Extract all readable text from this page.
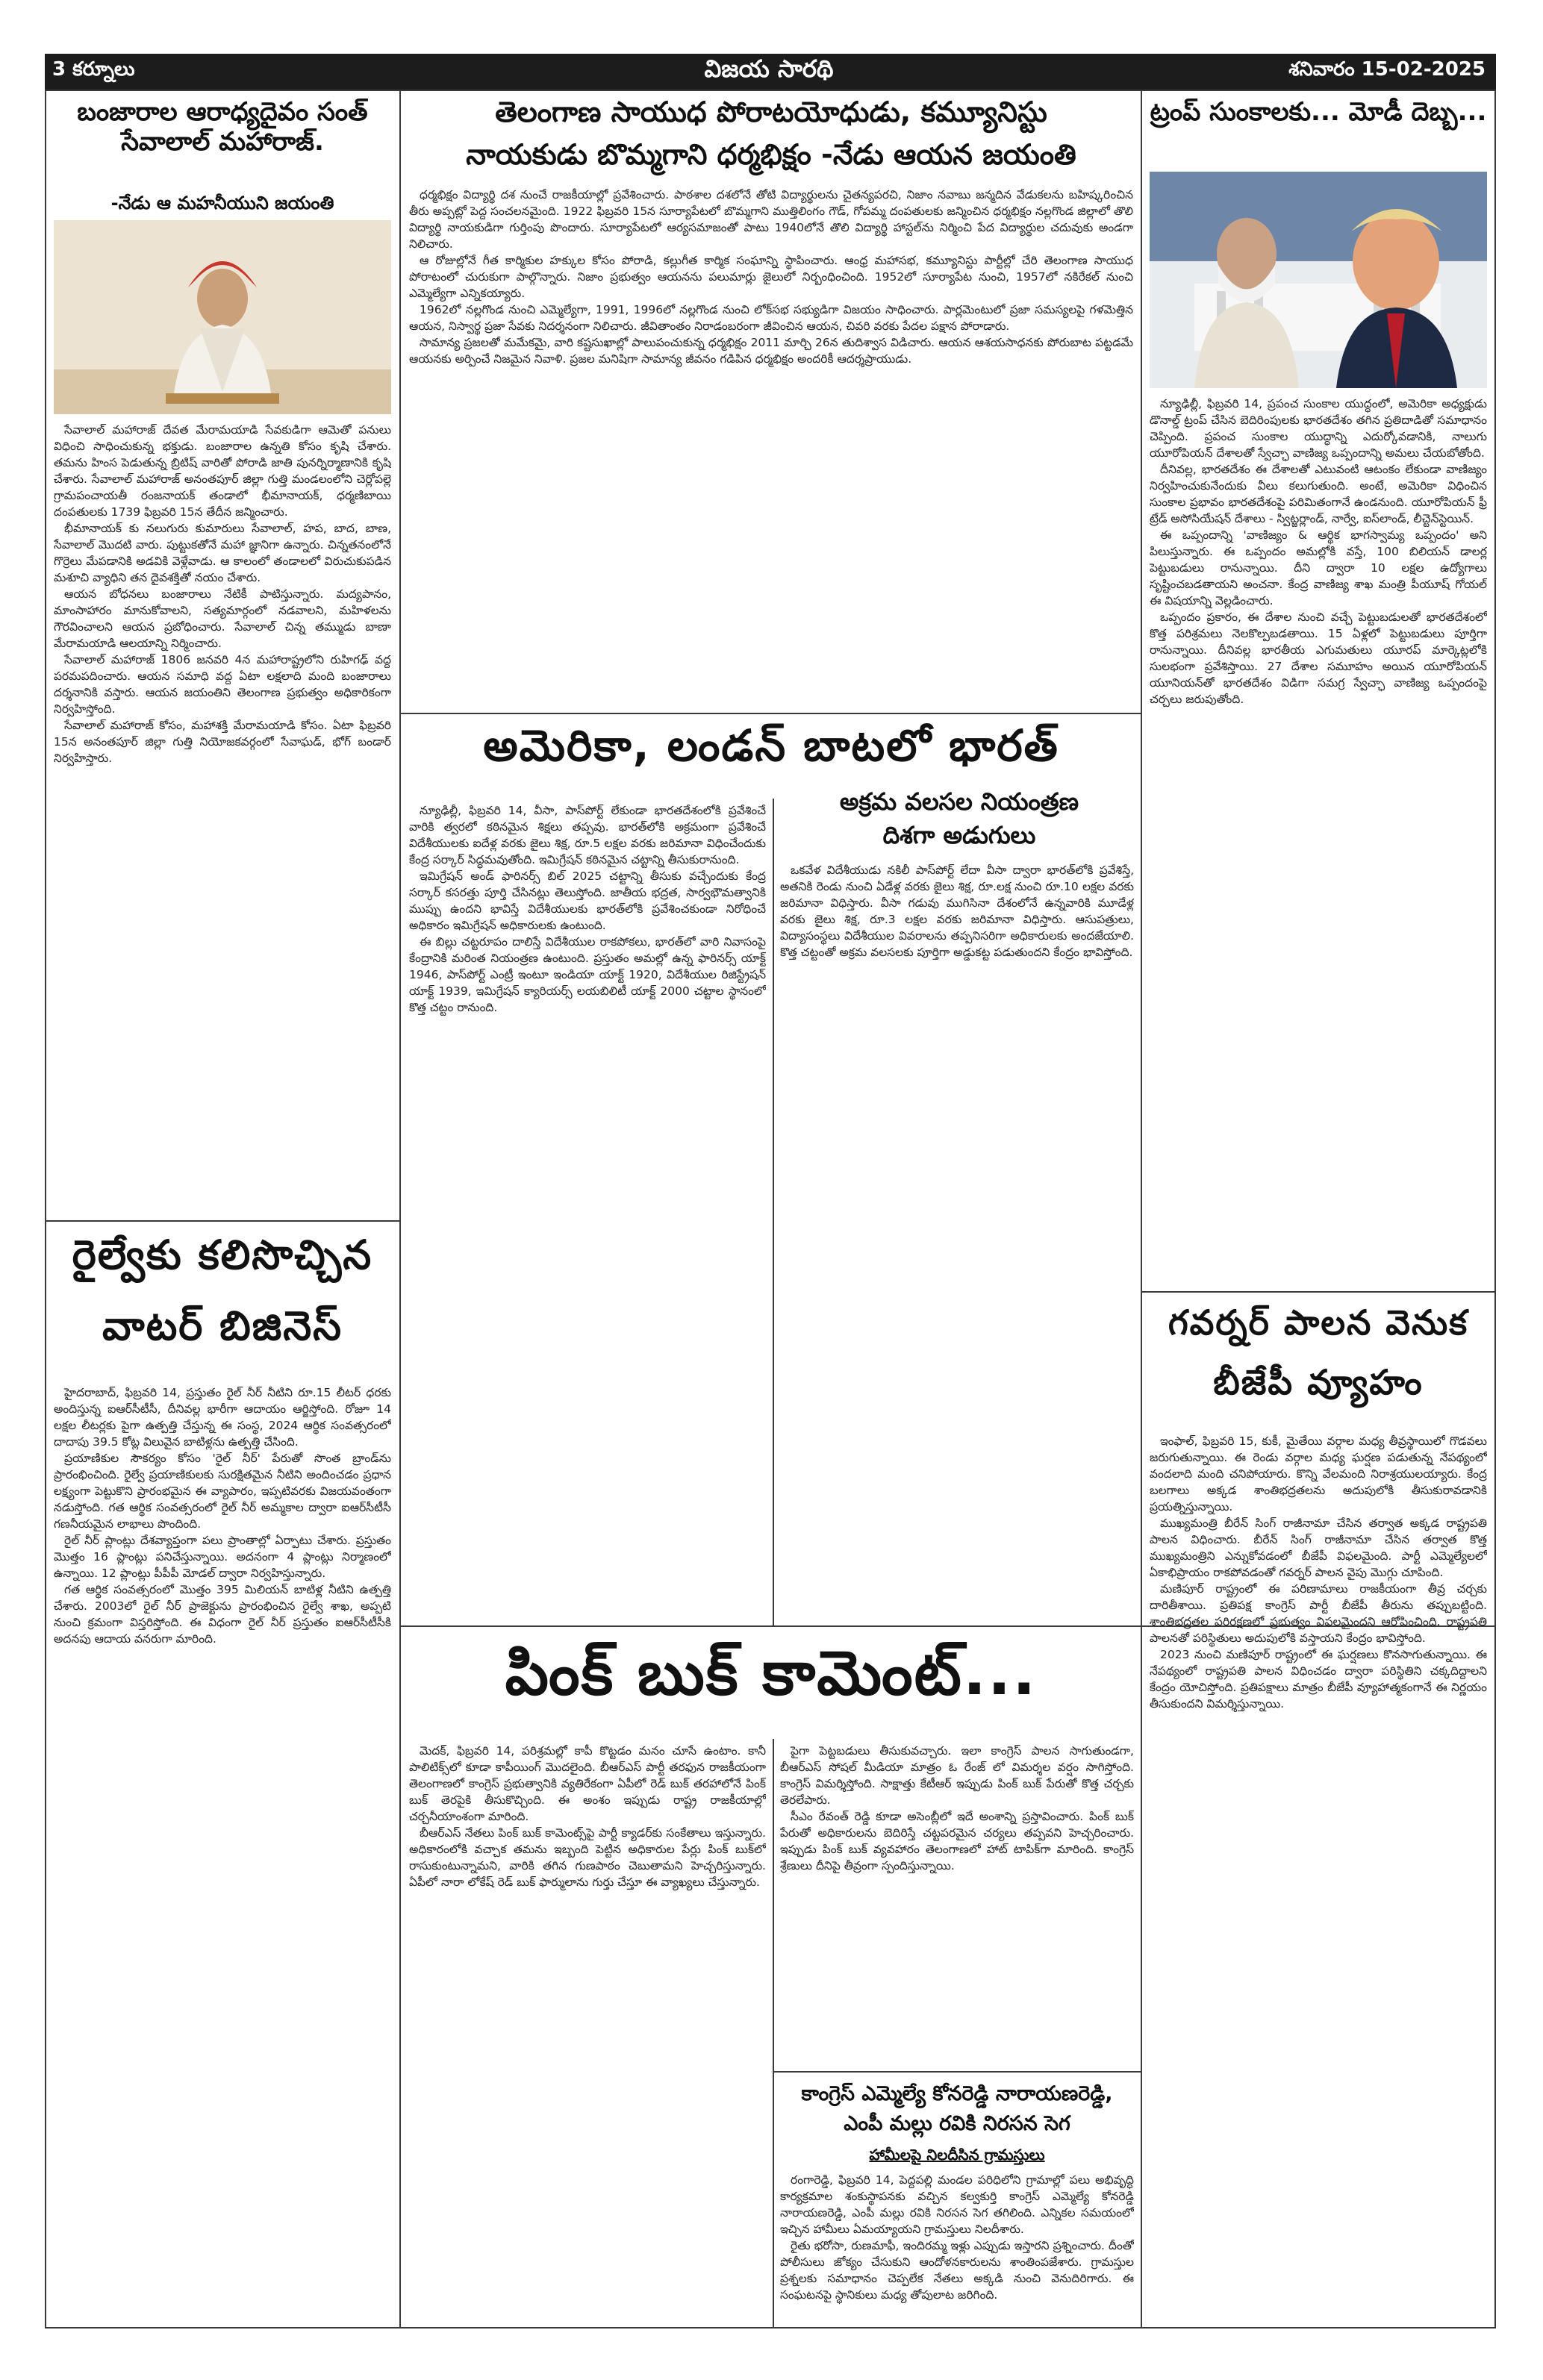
3 కర్నూలు	విజయ సారథి	శనివారం 15-02-2025
బంజారాల ఆరాధ్యదైవం సంత్ సేవాలాల్ మహారాజ్.
-నేడు ఆ మహనీయుని జయంతి

సేవాలాల్ మహారాజ్ దేవత మేరామయాడి సేవకుడిగా ఆమెతో పనులు విధించి సాధించుకున్న భక్తుడు. బంజారాల ఉన్నతి కోసం కృషి చేశారు. తమను హింస పెడుతున్న బ్రిటిష్ వారితో పోరాడి జాతి పునర్నిర్మాణానికి కృషి చేశారు. సేవాలాల్ మహారాజ్ అనంతపూర్ జిల్లా గుత్తి మండలంలోని చెర్లోపల్లె గ్రామపంచాయతీ రంజనాయక్ తండాలో భీమానాయక్, ధర్మణిబాయి దంపతులకు 1739 ఫిబ్రవరి 15న తేదీన జన్మించారు.

భీమానాయక్ కు నలుగురు కుమారులు సేవాలాల్, హప, బాద, బాణ, సేవాలాల్ మొదటి వారు. పుట్టుకతోనే మహా జ్ఞానిగా ఉన్నారు. చిన్నతనంలోనే గొర్రెలు మేపడానికి అడవికి వెళ్లేవాడు. ఆ కాలంలో తండాలలో విరుచుకుపడిన మశూచి వ్యాధిని తన దైవశక్తితో నయం చేశారు.

ఆయన బోధనలు బంజారాలు నేటికీ పాటిస్తున్నారు. మద్యపానం, మాంసాహారం మానుకోవాలని, సత్యమార్గంలో నడవాలని, మహిళలను గౌరవించాలని ఆయన ప్రబోధించారు. సేవాలాల్ చిన్న తమ్ముడు బాణా మేరామయాడి ఆలయాన్ని నిర్మించారు.

సేవాలాల్ మహారాజ్ 1806 జనవరి 4న మహారాష్ట్రలోని రుహిగఢ్ వద్ద పరమపదించారు. ఆయన సమాధి వద్ద ఏటా లక్షలాది మంది బంజారాలు దర్శనానికి వస్తారు. ఆయన జయంతిని తెలంగాణ ప్రభుత్వం అధికారికంగా నిర్వహిస్తోంది.

సేవాలాల్ మహారాజ్ కోసం, మహాశక్తి మేరామయాడి కోసం. ఏటా ఫిబ్రవరి 15న అనంతపూర్ జిల్లా గుత్తి నియోజకవర్గంలో సేవాఘడ్, భోగ్ బండార్ నిర్వహిస్తారు.

రైల్వేకు కలిసొచ్చిన
వాటర్ బిజినెస్

హైదరాబాద్, ఫిబ్రవరి 14, ప్రస్తుతం రైల్ నీర్ నీటిని రూ.15 లీటర్ ధరకు అందిస్తున్న ఐఆర్‌సీటీసీ, దీనివల్ల భారీగా ఆదాయం ఆర్జిస్తోంది. రోజూ 14 లక్షల లీటర్లకు పైగా ఉత్పత్తి చేస్తున్న ఈ సంస్థ, 2024 ఆర్థిక సంవత్సరంలో దాదాపు 39.5 కోట్ల విలువైన బాటిళ్లను ఉత్పత్తి చేసింది.

ప్రయాణికుల సౌకర్యం కోసం 'రైల్ నీర్' పేరుతో సొంత బ్రాండ్‌ను ప్రారంభించింది. రైల్వే ప్రయాణికులకు సురక్షితమైన నీటిని అందించడం ప్రధాన లక్ష్యంగా పెట్టుకొని ప్రారంభమైన ఈ వ్యాపారం, ఇప్పటివరకు విజయవంతంగా నడుస్తోంది. గత ఆర్థిక సంవత్సరంలో రైల్ నీర్ అమ్మకాల ద్వారా ఐఆర్‌సీటీసీ గణనీయమైన లాభాలు పొందింది.

రైల్ నీర్ ప్లాంట్లు దేశవ్యాప్తంగా పలు ప్రాంతాల్లో ఏర్పాటు చేశారు. ప్రస్తుతం మొత్తం 16 ప్లాంట్లు పనిచేస్తున్నాయి. అదనంగా 4 ప్లాంట్లు నిర్మాణంలో ఉన్నాయి. 12 ప్లాంట్లు పీపీపీ మోడల్ ద్వారా నిర్వహిస్తున్నారు.

గత ఆర్థిక సంవత్సరంలో మొత్తం 395 మిలియన్ బాటిళ్ల నీటిని ఉత్పత్తి చేశారు. 2003లో రైల్ నీర్ ప్రాజెక్టును ప్రారంభించిన రైల్వే శాఖ, అప్పటి నుంచి క్రమంగా విస్తరిస్తోంది. ఈ విధంగా రైల్ నీర్ ప్రస్తుతం ఐఆర్‌సీటీసీకి అదనపు ఆదాయ వనరుగా మారింది.

తెలంగాణ సాయుధ పోరాటయోధుడు, కమ్యూనిస్టు
నాయకుడు బొమ్మగాని ధర్మభిక్షం -నేడు ఆయన జయంతి

ధర్మభిక్షం విద్యార్థి దశ నుంచే రాజకీయాల్లో ప్రవేశించారు. పాఠశాల దశలోనే తోటి విద్యార్థులను చైతన్యపరచి, నిజాం నవాబు జన్మదిన వేడుకలను బహిష్కరించిన తీరు అప్పట్లో పెద్ద సంచలనమైంది. 1922 ఫిబ్రవరి 15న సూర్యాపేటలో బొమ్మగాని ముత్తిలింగం గౌడ్, గోపమ్మ దంపతులకు జన్మించిన ధర్మభిక్షం నల్లగొండ జిల్లాలో తొలి విద్యార్థి నాయకుడిగా గుర్తింపు పొందారు. సూర్యాపేటలో ఆర్యసమాజంతో పాటు 1940లోనే తొలి విద్యార్థి హాస్టల్‌ను నిర్మించి పేద విద్యార్థుల చదువుకు అండగా నిలిచారు.

ఆ రోజుల్లోనే గీత కార్మికుల హక్కుల కోసం పోరాడి, కల్లుగీత కార్మిక సంఘాన్ని స్థాపించారు. ఆంధ్ర మహాసభ, కమ్యూనిస్టు పార్టీల్లో చేరి తెలంగాణ సాయుధ పోరాటంలో చురుకుగా పాల్గొన్నారు. నిజాం ప్రభుత్వం ఆయనను పలుమార్లు జైలులో నిర్బంధించింది. 1952లో సూర్యాపేట నుంచి, 1957లో నకిరేకల్ నుంచి ఎమ్మెల్యేగా ఎన్నికయ్యారు.

1962లో నల్లగొండ నుంచి ఎమ్మెల్యేగా, 1991, 1996లో నల్లగొండ నుంచి లోక్‌సభ సభ్యుడిగా విజయం సాధించారు. పార్లమెంటులో ప్రజా సమస్యలపై గళమెత్తిన ఆయన, నిస్వార్థ ప్రజా సేవకు నిదర్శనంగా నిలిచారు. జీవితాంతం నిరాడంబరంగా జీవించిన ఆయన, చివరి వరకు పేదల పక్షాన పోరాడారు.

సామాన్య ప్రజలతో మమేకమై, వారి కష్టసుఖాల్లో పాలుపంచుకున్న ధర్మభిక్షం 2011 మార్చి 26న తుదిశ్వాస విడిచారు. ఆయన ఆశయసాధనకు పోరుబాట పట్టడమే ఆయనకు అర్పించే నిజమైన నివాళి. ప్రజల మనిషిగా సామాన్య జీవనం గడిపిన ధర్మభిక్షం అందరికీ ఆదర్శప్రాయుడు.

ట్రంప్ సుంకాలకు... మోడీ దెబ్బ...

న్యూఢిల్లీ, ఫిబ్రవరి 14, ప్రపంచ సుంకాల యుద్ధంలో, అమెరికా అధ్యక్షుడు డొనాల్డ్ ట్రంప్ చేసిన బెదిరింపులకు భారతదేశం తగిన ప్రతిదాడితో సమాధానం చెప్పింది. ప్రపంచ సుంకాల యుద్ధాన్ని ఎదుర్కోవడానికి, నాలుగు యూరోపియన్ దేశాలతో స్వేచ్ఛా వాణిజ్య ఒప్పందాన్ని అమలు చేయబోతోంది.

దీనివల్ల, భారతదేశం ఈ దేశాలతో ఎటువంటి ఆటంకం లేకుండా వాణిజ్యం నిర్వహించుకునేందుకు వీలు కలుగుతుంది. అంటే, అమెరికా విధించిన సుంకాల ప్రభావం భారతదేశంపై పరిమితంగానే ఉండనుంది. యూరోపియన్ ఫ్రీ ట్రేడ్ అసోసియేషన్ దేశాలు - స్విట్జర్లాండ్, నార్వే, ఐస్‌లాండ్, లీచ్టెన్‌స్టెయిన్.

ఈ ఒప్పందాన్ని 'వాణిజ్యం & ఆర్థిక భాగస్వామ్య ఒప్పందం' అని పిలుస్తున్నారు. ఈ ఒప్పందం అమల్లోకి వస్తే, 100 బిలియన్ డాలర్ల పెట్టుబడులు రానున్నాయి. దీని ద్వారా 10 లక్షల ఉద్యోగాలు సృష్టించబడతాయని అంచనా. కేంద్ర వాణిజ్య శాఖ మంత్రి పీయూష్ గోయల్ ఈ విషయాన్ని వెల్లడించారు.

ఒప్పందం ప్రకారం, ఈ దేశాల నుంచి వచ్చే పెట్టుబడులతో భారతదేశంలో కొత్త పరిశ్రమలు నెలకొల్పబడతాయి. 15 ఏళ్లలో పెట్టుబడులు పూర్తిగా రానున్నాయి. దీనివల్ల భారతీయ ఎగుమతులు యూరప్ మార్కెట్లలోకి సులభంగా ప్రవేశిస్తాయి. 27 దేశాల సమూహం అయిన యూరోపియన్ యూనియన్‌తో భారతదేశం విడిగా సమగ్ర స్వేచ్ఛా వాణిజ్య ఒప్పందంపై చర్చలు జరుపుతోంది.

అమెరికా, లండన్ బాటలో భారత్
అక్రమ వలసల నియంత్రణ
దిశగా అడుగులు

న్యూఢిల్లీ, ఫిబ్రవరి 14, వీసా, పాస్‌పోర్ట్ లేకుండా భారతదేశంలోకి ప్రవేశించే వారికి త్వరలో కఠినమైన శిక్షలు తప్పవు. భారత్‌లోకి అక్రమంగా ప్రవేశించే విదేశీయులకు ఐదేళ్ల వరకు జైలు శిక్ష, రూ.5 లక్షల వరకు జరిమానా విధించేందుకు కేంద్ర సర్కార్ సిద్ధమవుతోంది. ఇమిగ్రేషన్ కఠినమైన చట్టాన్ని తీసుకురానుంది.

ఇమిగ్రేషన్ అండ్ ఫారినర్స్ బిల్ 2025 చట్టాన్ని తీసుకు వచ్చేందుకు కేంద్ర సర్కార్ కసరత్తు పూర్తి చేసినట్లు తెలుస్తోంది. జాతీయ భద్రత, సార్వభౌమత్వానికి ముప్పు ఉందని భావిస్తే విదేశీయులకు భారత్‌లోకి ప్రవేశించకుండా నిరోధించే అధికారం ఇమిగ్రేషన్ అధికారులకు ఉంటుంది.

ఈ బిల్లు చట్టరూపం దాలిస్తే విదేశీయుల రాకపోకలు, భారత్‌లో వారి నివాసంపై కేంద్రానికి మరింత నియంత్రణ ఉంటుంది. ప్రస్తుతం అమల్లో ఉన్న ఫారినర్స్ యాక్ట్ 1946, పాస్‌పోర్ట్ ఎంట్రీ ఇంటూ ఇండియా యాక్ట్ 1920, విదేశీయుల రిజిస్ట్రేషన్ యాక్ట్ 1939, ఇమిగ్రేషన్ క్యారియర్స్ లయబిలిటీ యాక్ట్ 2000 చట్టాల స్థానంలో కొత్త చట్టం రానుంది.

ఒకవేళ విదేశీయుడు నకిలీ పాస్‌పోర్ట్ లేదా వీసా ద్వారా భారత్‌లోకి ప్రవేశిస్తే, అతనికి రెండు నుంచి ఏడేళ్ల వరకు జైలు శిక్ష, రూ.లక్ష నుంచి రూ.10 లక్షల వరకు జరిమానా విధిస్తారు. వీసా గడువు ముగిసినా దేశంలోనే ఉన్నవారికి మూడేళ్ల వరకు జైలు శిక్ష, రూ.3 లక్షల వరకు జరిమానా విధిస్తారు. ఆసుపత్రులు, విద్యాసంస్థలు విదేశీయుల వివరాలను తప్పనిసరిగా అధికారులకు అందజేయాలి. కొత్త చట్టంతో అక్రమ వలసలకు పూర్తిగా అడ్డుకట్ట పడుతుందని కేంద్రం భావిస్తోంది.

గవర్నర్ పాలన వెనుక
బీజేపీ వ్యూహం

ఇంఫాల్, ఫిబ్రవరి 15, కుకీ, మైతేయి వర్గాల మధ్య తీవ్రస్థాయిలో గొడవలు జరుగుతున్నాయి. ఈ రెండు వర్గాల మధ్య ఘర్షణ పడుతున్న నేపథ్యంలో వందలాది మంది చనిపోయారు. కొన్ని వేలమంది నిరాశ్రయులయ్యారు. కేంద్ర బలగాలు అక్కడ శాంతిభద్రతలను అదుపులోకి తీసుకురావడానికి ప్రయత్నిస్తున్నాయి.

ముఖ్యమంత్రి బీరేన్ సింగ్ రాజీనామా చేసిన తర్వాత అక్కడ రాష్ట్రపతి పాలన విధించారు. బీరేన్ సింగ్ రాజీనామా చేసిన తర్వాత కొత్త ముఖ్యమంత్రిని ఎన్నుకోవడంలో బీజేపీ విఫలమైంది. పార్టీ ఎమ్మెల్యేలలో ఏకాభిప్రాయం రాకపోవడంతో గవర్నర్ పాలన వైపు మొగ్గు చూపింది.

మణిపూర్ రాష్ట్రంలో ఈ పరిణామాలు రాజకీయంగా తీవ్ర చర్చకు దారితీశాయి. ప్రతిపక్ష కాంగ్రెస్ పార్టీ బీజేపీ తీరును తప్పుబట్టింది. శాంతిభద్రతల పరిరక్షణలో ప్రభుత్వం విఫలమైందని ఆరోపించింది. రాష్ట్రపతి పాలనతో పరిస్థితులు అదుపులోకి వస్తాయని కేంద్రం భావిస్తోంది.

2023 నుంచి మణిపూర్ రాష్ట్రంలో ఈ ఘర్షణలు కొనసాగుతున్నాయి. ఈ నేపథ్యంలో రాష్ట్రపతి పాలన విధించడం ద్వారా పరిస్థితిని చక్కదిద్దాలని కేంద్రం యోచిస్తోంది. ప్రతిపక్షాలు మాత్రం బీజేపీ వ్యూహాత్మకంగానే ఈ నిర్ణయం తీసుకుందని విమర్శిస్తున్నాయి.

పింక్ బుక్ కామెంట్...

మెదక్, ఫిబ్రవరి 14, పరిశ్రమల్లో కాపీ కొట్టడం మనం చూసే ఉంటాం. కానీ పాలిటిక్స్‌లో కూడా కాపీయింగ్ మొదలైంది. బీఆర్ఎస్ పార్టీ తరఫున రాజకీయంగా తెలంగాణలో కాంగ్రెస్ ప్రభుత్వానికి వ్యతిరేకంగా ఏపీలో రెడ్ బుక్ తరహాలోనే పింక్ బుక్ తెరపైకి తీసుకొచ్చింది. ఈ అంశం ఇప్పుడు రాష్ట్ర రాజకీయాల్లో చర్చనీయాంశంగా మారింది.

బీఆర్ఎస్ నేతలు పింక్ బుక్ కామెంట్స్‌పై పార్టీ క్యాడర్‌కు సంకేతాలు ఇస్తున్నారు. అధికారంలోకి వచ్చాక తమను ఇబ్బంది పెట్టిన అధికారుల పేర్లు పింక్ బుక్‌లో రాసుకుంటున్నామని, వారికి తగిన గుణపాఠం చెబుతామని హెచ్చరిస్తున్నారు. ఏపీలో నారా లోకేష్ రెడ్ బుక్ ఫార్ములాను గుర్తు చేస్తూ ఈ వ్యాఖ్యలు చేస్తున్నారు.

పైగా పెట్టబడులు తీసుకువచ్చారు. ఇలా కాంగ్రెస్ పాలన సాగుతుండగా, బీఆర్ఎస్ సోషల్ మీడియా మాత్రం ఓ రేంజ్ లో విమర్శల వర్షం సాగిస్తోంది. కాంగ్రెస్ విమర్శిస్తోంది. సాక్షాత్తు కేటీఆర్ ఇప్పుడు పింక్ బుక్ పేరుతో కొత్త చర్చకు తెరలేపారు.

సీఎం రేవంత్ రెడ్డి కూడా అసెంబ్లీలో ఇదే అంశాన్ని ప్రస్తావించారు. పింక్ బుక్ పేరుతో అధికారులను బెదిరిస్తే చట్టపరమైన చర్యలు తప్పవని హెచ్చరించారు. ఇప్పుడు పింక్ బుక్ వ్యవహారం తెలంగాణలో హాట్ టాపిక్‌గా మారింది. కాంగ్రెస్ శ్రేణులు దీనిపై తీవ్రంగా స్పందిస్తున్నాయి.

కాంగ్రెస్ ఎమ్మెల్యే కోనరెడ్డి నారాయణరెడ్డి,
ఎంపీ మల్లు రవికి నిరసన సెగ
హామీలపై నిలదీసిన గ్రామస్తులు

రంగారెడ్డి, ఫిబ్రవరి 14, పెద్దపల్లి మండల పరిధిలోని గ్రామాల్లో పలు అభివృద్ధి కార్యక్రమాల శంకుస్థాపనకు వచ్చిన కల్వకుర్తి కాంగ్రెస్ ఎమ్మెల్యే కోనరెడ్డి నారాయణరెడ్డి, ఎంపీ మల్లు రవికి నిరసన సెగ తగిలింది. ఎన్నికల సమయంలో ఇచ్చిన హామీలు ఏమయ్యాయని గ్రామస్తులు నిలదీశారు.

రైతు భరోసా, రుణమాఫీ, ఇందిరమ్మ ఇళ్లు ఎప్పుడు ఇస్తారని ప్రశ్నించారు. దీంతో పోలీసులు జోక్యం చేసుకుని ఆందోళనకారులను శాంతింపజేశారు. గ్రామస్తుల ప్రశ్నలకు సమాధానం చెప్పలేక నేతలు అక్కడి నుంచి వెనుదిరిగారు. ఈ సంఘటనపై స్థానికులు మధ్య తోపులాట జరిగింది.
